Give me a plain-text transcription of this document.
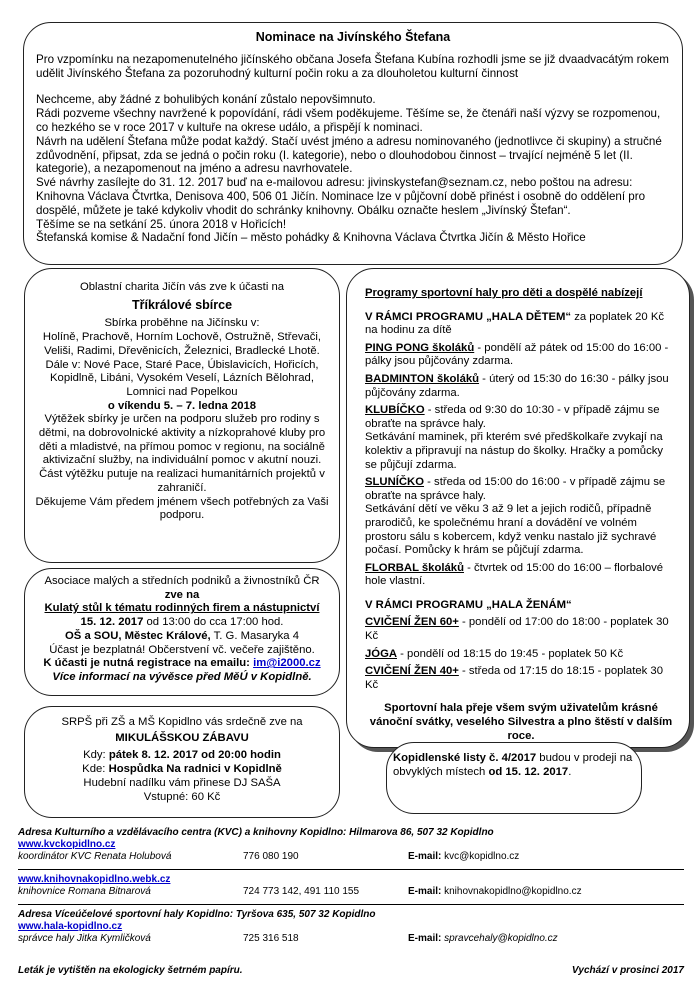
Nominace na Jivínského Štefana

Pro vzpomínku na nezapomenutelného jičínského občana Josefa Štefana Kubína rozhodli jsme se již dvaadvacátým rokem udělit Jivínského Štefana za pozoruhodný kulturní počin roku a za dlouholetou kulturní činnost

Nechceme, aby žádné z bohulibých konání zůstalo nepovšimnuto.

Rádi pozveme všechny navržené k popovídání, rádi všem poděkujeme. Těšíme se, že čtenáři naší výzvy se rozpomenou, co hezkého se v roce 2017 v kultuře na okrese událo, a přispějí k nominaci.

Návrh na udělení Štefana může podat každý. Stačí uvést jméno a adresu nominovaného (jednotlivce či skupiny) a stručné zdůvodnění, připsat, zda se jedná o počin roku (I. kategorie), nebo o dlouhodobou činnost – trvající nejméně 5 let (II. kategorie), a nezapomenout na jméno a adresu navrhovatele.

Své návrhy zasílejte do 31. 12. 2017 buď na e-mailovou adresu: jivinskystefan@seznam.cz, nebo poštou na adresu: Knihovna Václava Čtvrtka, Denisova 400, 506 01 Jičín. Nominace lze v půjčovní době přinést i osobně do oddělení pro dospělé, můžete je také kdykoliv vhodit do schránky knihovny. Obálku označte heslem „Jivínský Štefan“.

Těšíme se na setkání 25. února 2018 v Hořicích!

Štefanská komise & Nadační fond Jičín – město pohádky & Knihovna Václava Čtvrtka Jičín & Město Hořice

Oblastní charita Jičín vás zve k účasti na

Tříkrálové sbírce

Sbírka proběhne na Jičínsku v:

Holíně, Prachově, Horním Lochově, Ostružně, Střevači, Veliši, Radimi, Dřevěnicích, Železnici, Bradlecké Lhotě.

Dále v: Nové Pace, Staré Pace, Úbislavicích, Hořicích, Kopidlně, Libáni, Vysokém Veselí, Lázních Bělohrad, Lomnici nad Popelkou

o víkendu 5. – 7. ledna 2018

Výtěžek sbírky je určen na podporu služeb pro rodiny s dětmi, na dobrovolnické aktivity a nízkoprahové kluby pro děti a mladistvé, na přímou pomoc v regionu, na sociálně aktivizační služby, na individuální pomoc v akutní nouzi. Část výtěžku putuje na realizaci humanitárních projektů v zahraničí.

Děkujeme Vám předem jménem všech potřebných za Vaši podporu.

Programy sportovní haly pro děti a dospělé nabízejí

V RÁMCI PROGRAMU „HALA DĚTEM“ za poplatek 20 Kč na hodinu za dítě

PING PONG školáků - pondělí až pátek od 15:00 do 16:00 - pálky jsou půjčovány zdarma.

BADMINTON školáků - úterý od 15:30 do 16:30 - pálky jsou půjčovány zdarma.

KLUBÍČKO - středa od 9:30 do 10:30 - v případě zájmu se obraťte na správce haly.

Setkávání maminek, při kterém své předškolkaře zvykají na kolektiv a připravují na nástup do školky. Hračky a pomůcky se půjčují zdarma.

SLUNÍČKO - středa od 15:00 do 16:00 - v případě zájmu se obraťte na správce haly.

Setkávání dětí ve věku 3 až 9 let a jejich rodičů, případně prarodičů, ke společnému hraní a dovádění ve volném prostoru sálu s kobercem, když venku nastalo již sychravé počasí. Pomůcky k hrám se půjčují zdarma.

FLORBAL školáků - čtvrtek od 15:00 do 16:00 – florbalové hole vlastní.

V RÁMCI PROGRAMU „HALA ŽENÁM“

CVIČENÍ ŽEN 60+ - pondělí od 17:00 do 18:00 - poplatek 30 Kč

JÓGA - pondělí od 18:15 do 19:45 - poplatek 50 Kč

CVIČENÍ ŽEN 40+ - středa od 17:15 do 18:15 - poplatek 30 Kč

Sportovní hala přeje všem svým uživatelům krásné vánoční svátky, veselého Silvestra a plno štěstí v dalším roce.

Asociace malých a středních podniků a živnostníků ČR

zve na

Kulatý stůl k tématu rodinných firem a nástupnictví

15. 12. 2017 od 13:00 do cca 17:00 hod.

OŠ a SOU, Městec Králové, T. G. Masaryka 4

Účast je bezplatná! Občerstvení vč. večeře zajištěno.

K účasti je nutná registrace na emailu: im@i2000.cz

Více informací na vývěsce před MěÚ v Kopidlně.

SRPŠ při ZŠ a MŠ Kopidlno vás srdečně zve na

MIKULÁŠSKOU ZÁBAVU

Kdy: pátek 8. 12. 2017 od 20:00 hodin

Kde: Hospůdka Na radnici v Kopidlně

Hudební nadílku vám přinese DJ SAŠA

Vstupné: 60 Kč

Kopidlenské listy č. 4/2017 budou v prodeji na obvyklých místech od 15. 12. 2017.

Adresa Kulturního a vzdělávacího centra (KVC) a knihovny Kopidlno: Hilmarova 86, 507 32 Kopidlno

www.kvckopidlno.cz

koordinátor KVC Renata Holubová	776 080 190	E-mail: kvc@kopidlno.cz

www.knihovnakopidlno.webk.cz

knihovnice Romana Bitnarová	724 773 142, 491 110 155	E-mail: knihovnakopidlno@kopidlno.cz

Adresa Víceúčelové sportovní haly Kopidlno: Tyršova 635, 507 32 Kopidlno

www.hala-kopidlno.cz

správce haly Jitka Kymličková	725 316 518	E-mail: spravcehaly@kopidlno.cz
Leták je vytištěn na ekologicky šetrném papíru.	Vychází v prosinci 2017
